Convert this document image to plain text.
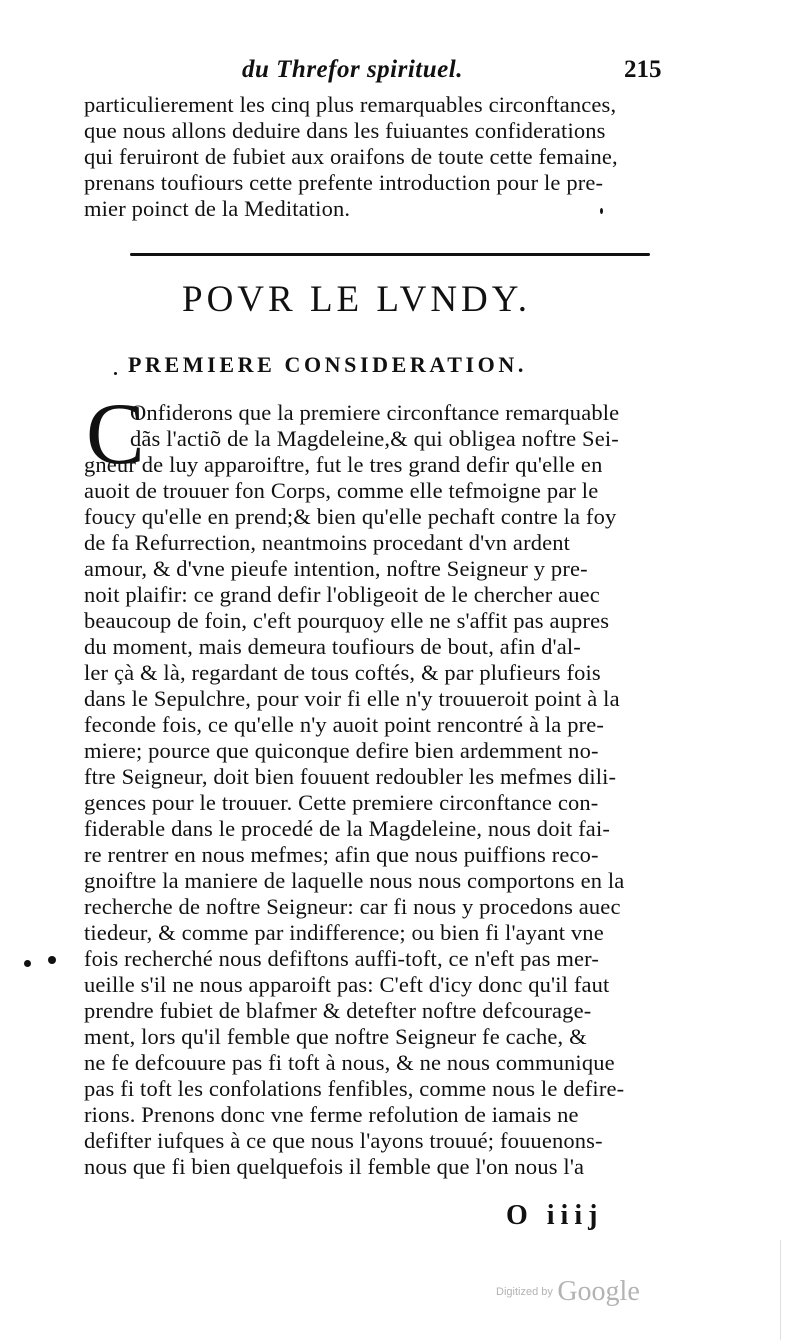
du Threfor spirituel.	215
particulierement les cinq plus remarquables circonftances,
que nous allons deduire dans les fuiuantes confiderations
qui feruiront de fubiet aux oraifons de toute cette femaine,
prenans toufiours cette prefente introduction pour le pre-
mier poinct de la Meditation.
POVR LE LVNDY.
PREMIERE CONSIDERATION.
C
Onfiderons que la premiere circonftance remarquable
dãs l'actiõ de la Magdeleine,& qui obligea noftre Sei-
gneur de luy apparoiftre, fut le tres grand defir qu'elle en
auoit de trouuer fon Corps, comme elle tefmoigne par le
foucy qu'elle en prend;& bien qu'elle pechaft contre la foy
de fa Refurrection, neantmoins procedant d'vn ardent
amour, & d'vne pieufe intention, noftre Seigneur y pre-
noit plaifir: ce grand defir l'obligeoit de le chercher auec
beaucoup de foin, c'eft pourquoy elle ne s'affit pas aupres
du moment, mais demeura toufiours de bout, afin d'al-
ler çà & là, regardant de tous coftés, & par plufieurs fois
dans le Sepulchre, pour voir fi elle n'y trouueroit point à la
feconde fois, ce qu'elle n'y auoit point rencontré à la pre-
miere; pource que quiconque defire bien ardemment no-
ftre Seigneur, doit bien fouuent redoubler les mefmes dili-
gences pour le trouuer. Cette premiere circonftance con-
fiderable dans le procedé de la Magdeleine, nous doit fai-
re rentrer en nous mefmes; afin que nous puiffions reco-
gnoiftre la maniere de laquelle nous nous comportons en la
recherche de noftre Seigneur: car fi nous y procedons auec
tiedeur, & comme par indifference; ou bien fi l'ayant vne
fois recherché nous defiftons auffi-toft, ce n'eft pas mer-
ueille s'il ne nous apparoift pas: C'eft d'icy donc qu'il faut
prendre fubiet de blafmer & detefter noftre defcourage-
ment, lors qu'il femble que noftre Seigneur fe cache, &
ne fe defcouure pas fi toft à nous, & ne nous communique
pas fi toft les confolations fenfibles, comme nous le defire-
rions. Prenons donc vne ferme refolution de iamais ne
defifter iufques à ce que nous l'ayons trouué; fouuenons-
nous que fi bien quelquefois il femble que l'on nous l'a
O iiij
Digitized by Google
